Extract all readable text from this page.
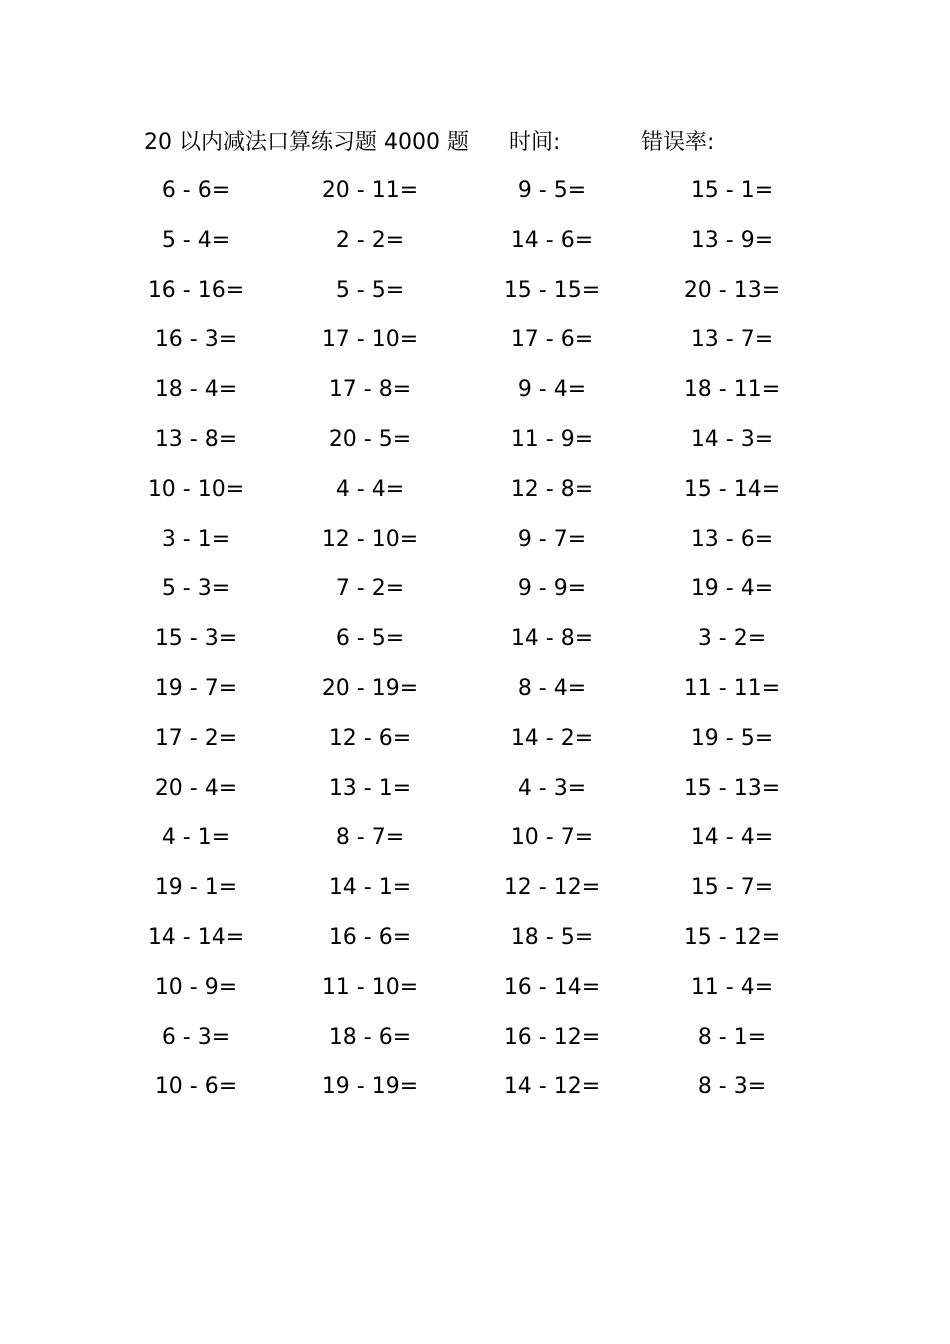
20 以内减法口算练习题 4000 题 时间:	错误率:
6 - 6=	20 - 11=	9 - 5=	15 - 1=
5 - 4=	2 - 2=	14 - 6=	13 - 9=
16 - 16=	5 - 5=	15 - 15=	20 - 13=
16 - 3=	17 - 10=	17 - 6=	13 - 7=
18 - 4=	17 - 8=	9 - 4=	18 - 11=
13 - 8=	20 - 5=	11 - 9=	14 - 3=
10 - 10=	4 - 4=	12 - 8=	15 - 14=
3 - 1=	12 - 10=	9 - 7=	13 - 6=
5 - 3=	7 - 2=	9 - 9=	19 - 4=
15 - 3=	6 - 5=	14 - 8=	3 - 2=
19 - 7=	20 - 19=	8 - 4=	11 - 11=
17 - 2=	12 - 6=	14 - 2=	19 - 5=
20 - 4=	13 - 1=	4 - 3=	15 - 13=
4 - 1=	8 - 7=	10 - 7=	14 - 4=
19 - 1=	14 - 1=	12 - 12=	15 - 7=
14 - 14=	16 - 6=	18 - 5=	15 - 12=
10 - 9=	11 - 10=	16 - 14=	11 - 4=
6 - 3=	18 - 6=	16 - 12=	8 - 1=
10 - 6=	19 - 19=	14 - 12=	8 - 3=
